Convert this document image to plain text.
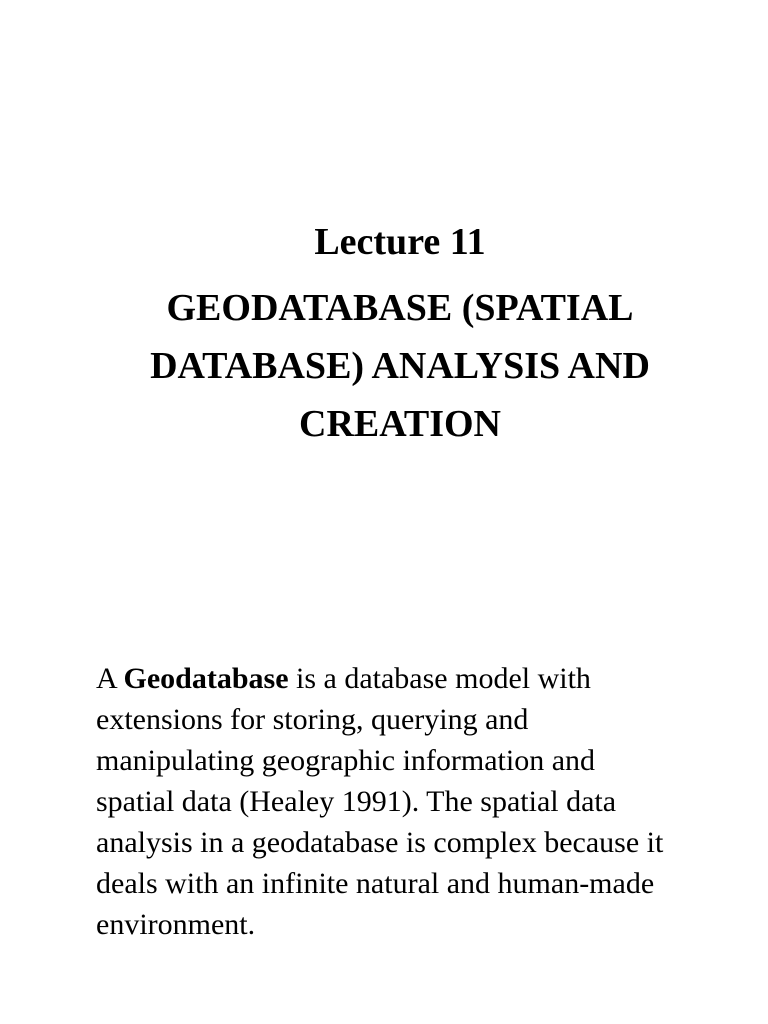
Lecture 11
GEODATABASE (SPATIAL
DATABASE) ANALYSIS AND
CREATION
A Geodatabase is a database model with
extensions for storing, querying and
manipulating geographic information and
spatial data (Healey 1991). The spatial data
analysis in a geodatabase is complex because it
deals with an infinite natural and human-made
environment.
